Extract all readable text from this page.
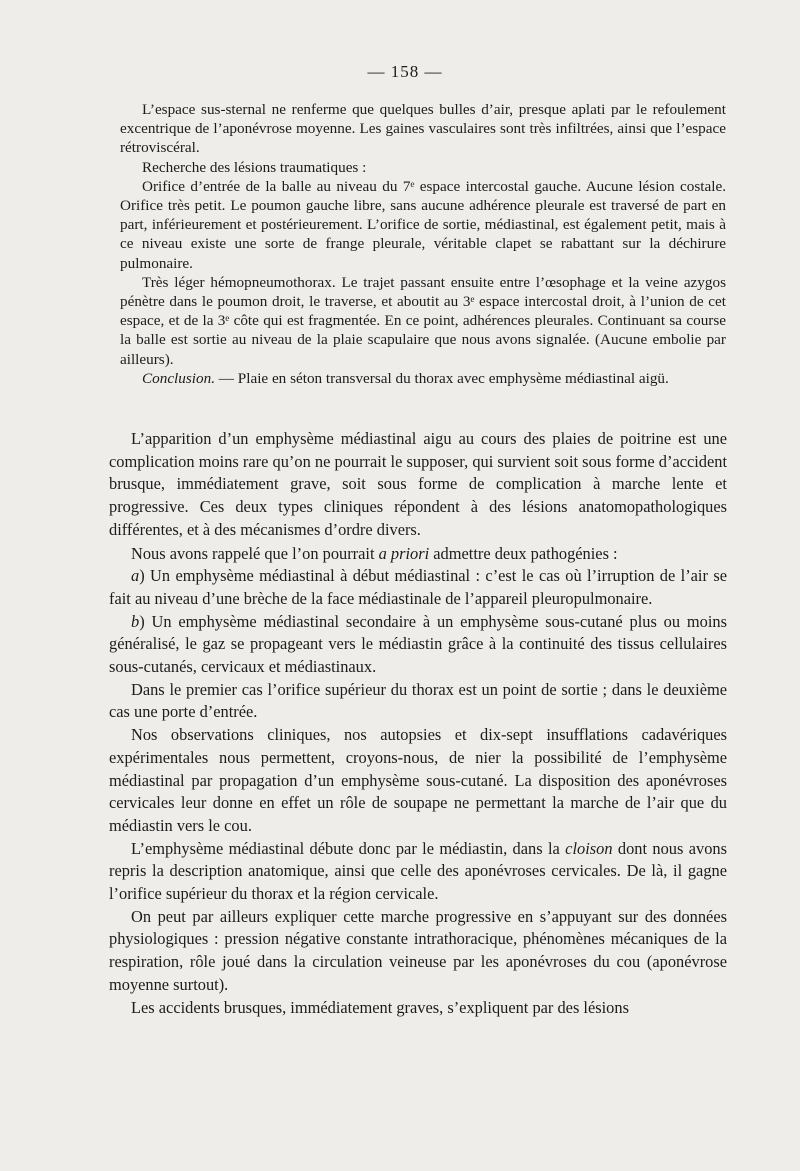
— 158 —

L’espace sus-sternal ne renferme que quelques bulles d’air, presque aplati par le refoulement excentrique de l’aponévrose moyenne. Les gaines vasculaires sont très infiltrées, ainsi que l’espace rétroviscéral.

Recherche des lésions traumatiques :

Orifice d’entrée de la balle au niveau du 7ᵉ espace intercostal gauche. Aucune lésion costale. Orifice très petit. Le poumon gauche libre, sans aucune adhérence pleurale est traversé de part en part, inférieurement et postérieurement. L’orifice de sortie, médiastinal, est également petit, mais à ce niveau existe une sorte de frange pleurale, véritable clapet se rabattant sur la déchirure pulmonaire.

Très léger hémopneumothorax. Le trajet passant ensuite entre l’œsophage et la veine azygos pénètre dans le poumon droit, le traverse, et aboutit au 3ᵉ espace intercostal droit, à l’union de cet espace, et de la 3ᵉ côte qui est fragmentée. En ce point, adhérences pleurales. Continuant sa course la balle est sortie au niveau de la plaie scapulaire que nous avons signalée. (Aucune embolie par ailleurs).

Conclusion. — Plaie en séton transversal du thorax avec emphysème médiastinal aigü.

L’apparition d’un emphysème médiastinal aigu au cours des plaies de poitrine est une complication moins rare qu’on ne pourrait le supposer, qui survient soit sous forme d’accident brusque, immédiatement grave, soit sous forme de complication à marche lente et progressive. Ces deux types cliniques répondent à des lésions anatomopathologiques différentes, et à des mécanismes d’ordre divers.

Nous avons rappelé que l’on pourrait a priori admettre deux pathogénies :

a) Un emphysème médiastinal à début médiastinal : c’est le cas où l’irruption de l’air se fait au niveau d’une brèche de la face médiastinale de l’appareil pleuropulmonaire.

b) Un emphysème médiastinal secondaire à un emphysème sous-cutané plus ou moins généralisé, le gaz se propageant vers le médiastin grâce à la continuité des tissus cellulaires sous-cutanés, cervicaux et médiastinaux.

Dans le premier cas l’orifice supérieur du thorax est un point de sortie ; dans le deuxième cas une porte d’entrée.

Nos observations cliniques, nos autopsies et dix-sept insufflations cadavériques expérimentales nous permettent, croyons-nous, de nier la possibilité de l’emphysème médiastinal par propagation d’un emphysème sous-cutané. La disposition des aponévroses cervicales leur donne en effet un rôle de soupape ne permettant la marche de l’air que du médiastin vers le cou.

L’emphysème médiastinal débute donc par le médiastin, dans la cloison dont nous avons repris la description anatomique, ainsi que celle des aponévroses cervicales. De là, il gagne l’orifice supérieur du thorax et la région cervicale.

On peut par ailleurs expliquer cette marche progressive en s’appuyant sur des données physiologiques : pression négative constante intrathoracique, phénomènes mécaniques de la respiration, rôle joué dans la circulation veineuse par les aponévroses du cou (aponévrose moyenne surtout).

Les accidents brusques, immédiatement graves, s’expliquent par des lésions
